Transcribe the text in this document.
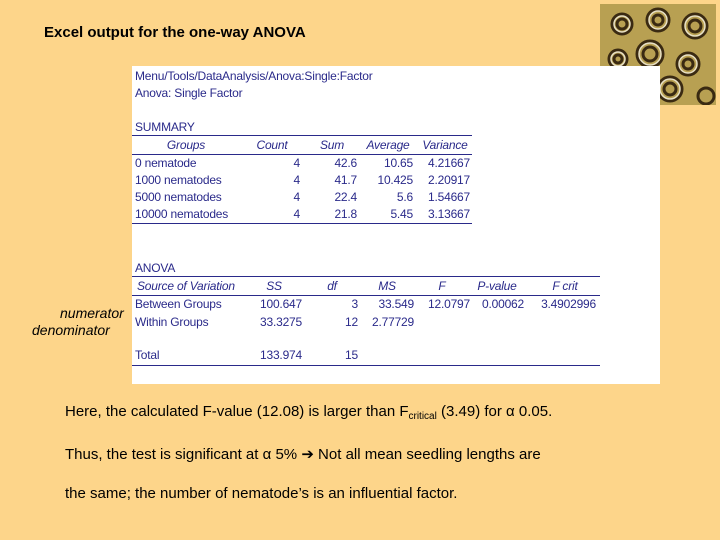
Excel output for the one-way ANOVA
Menu/Tools/DataAnalysis/Anova:Single:Factor
Anova: Single Factor
SUMMARY
Groups	Count	Sum	Average	Variance
0 nematode	4	42.6	10.65	4.21667
1000 nematodes	4	41.7	10.425	2.20917
5000 nematodes	4	22.4	5.6	1.54667
10000 nematodes	4	21.8	5.45	3.13667
ANOVA
Source of Variation	SS	df	MS	F	P-value	F crit
Between Groups	100.647	3	33.549	12.0797	0.00062	3.4902996
Within Groups	33.3275	12	2.77729
Total	133.974	15
numerator
denominator
Here, the calculated F-value (12.08) is larger than $F_{critical}$ (3.49) for α 0.05.
Thus, the test is significant at α 5% ➔ Not all mean seedling lengths are
the same; the number of nematode’s is an influential factor.
